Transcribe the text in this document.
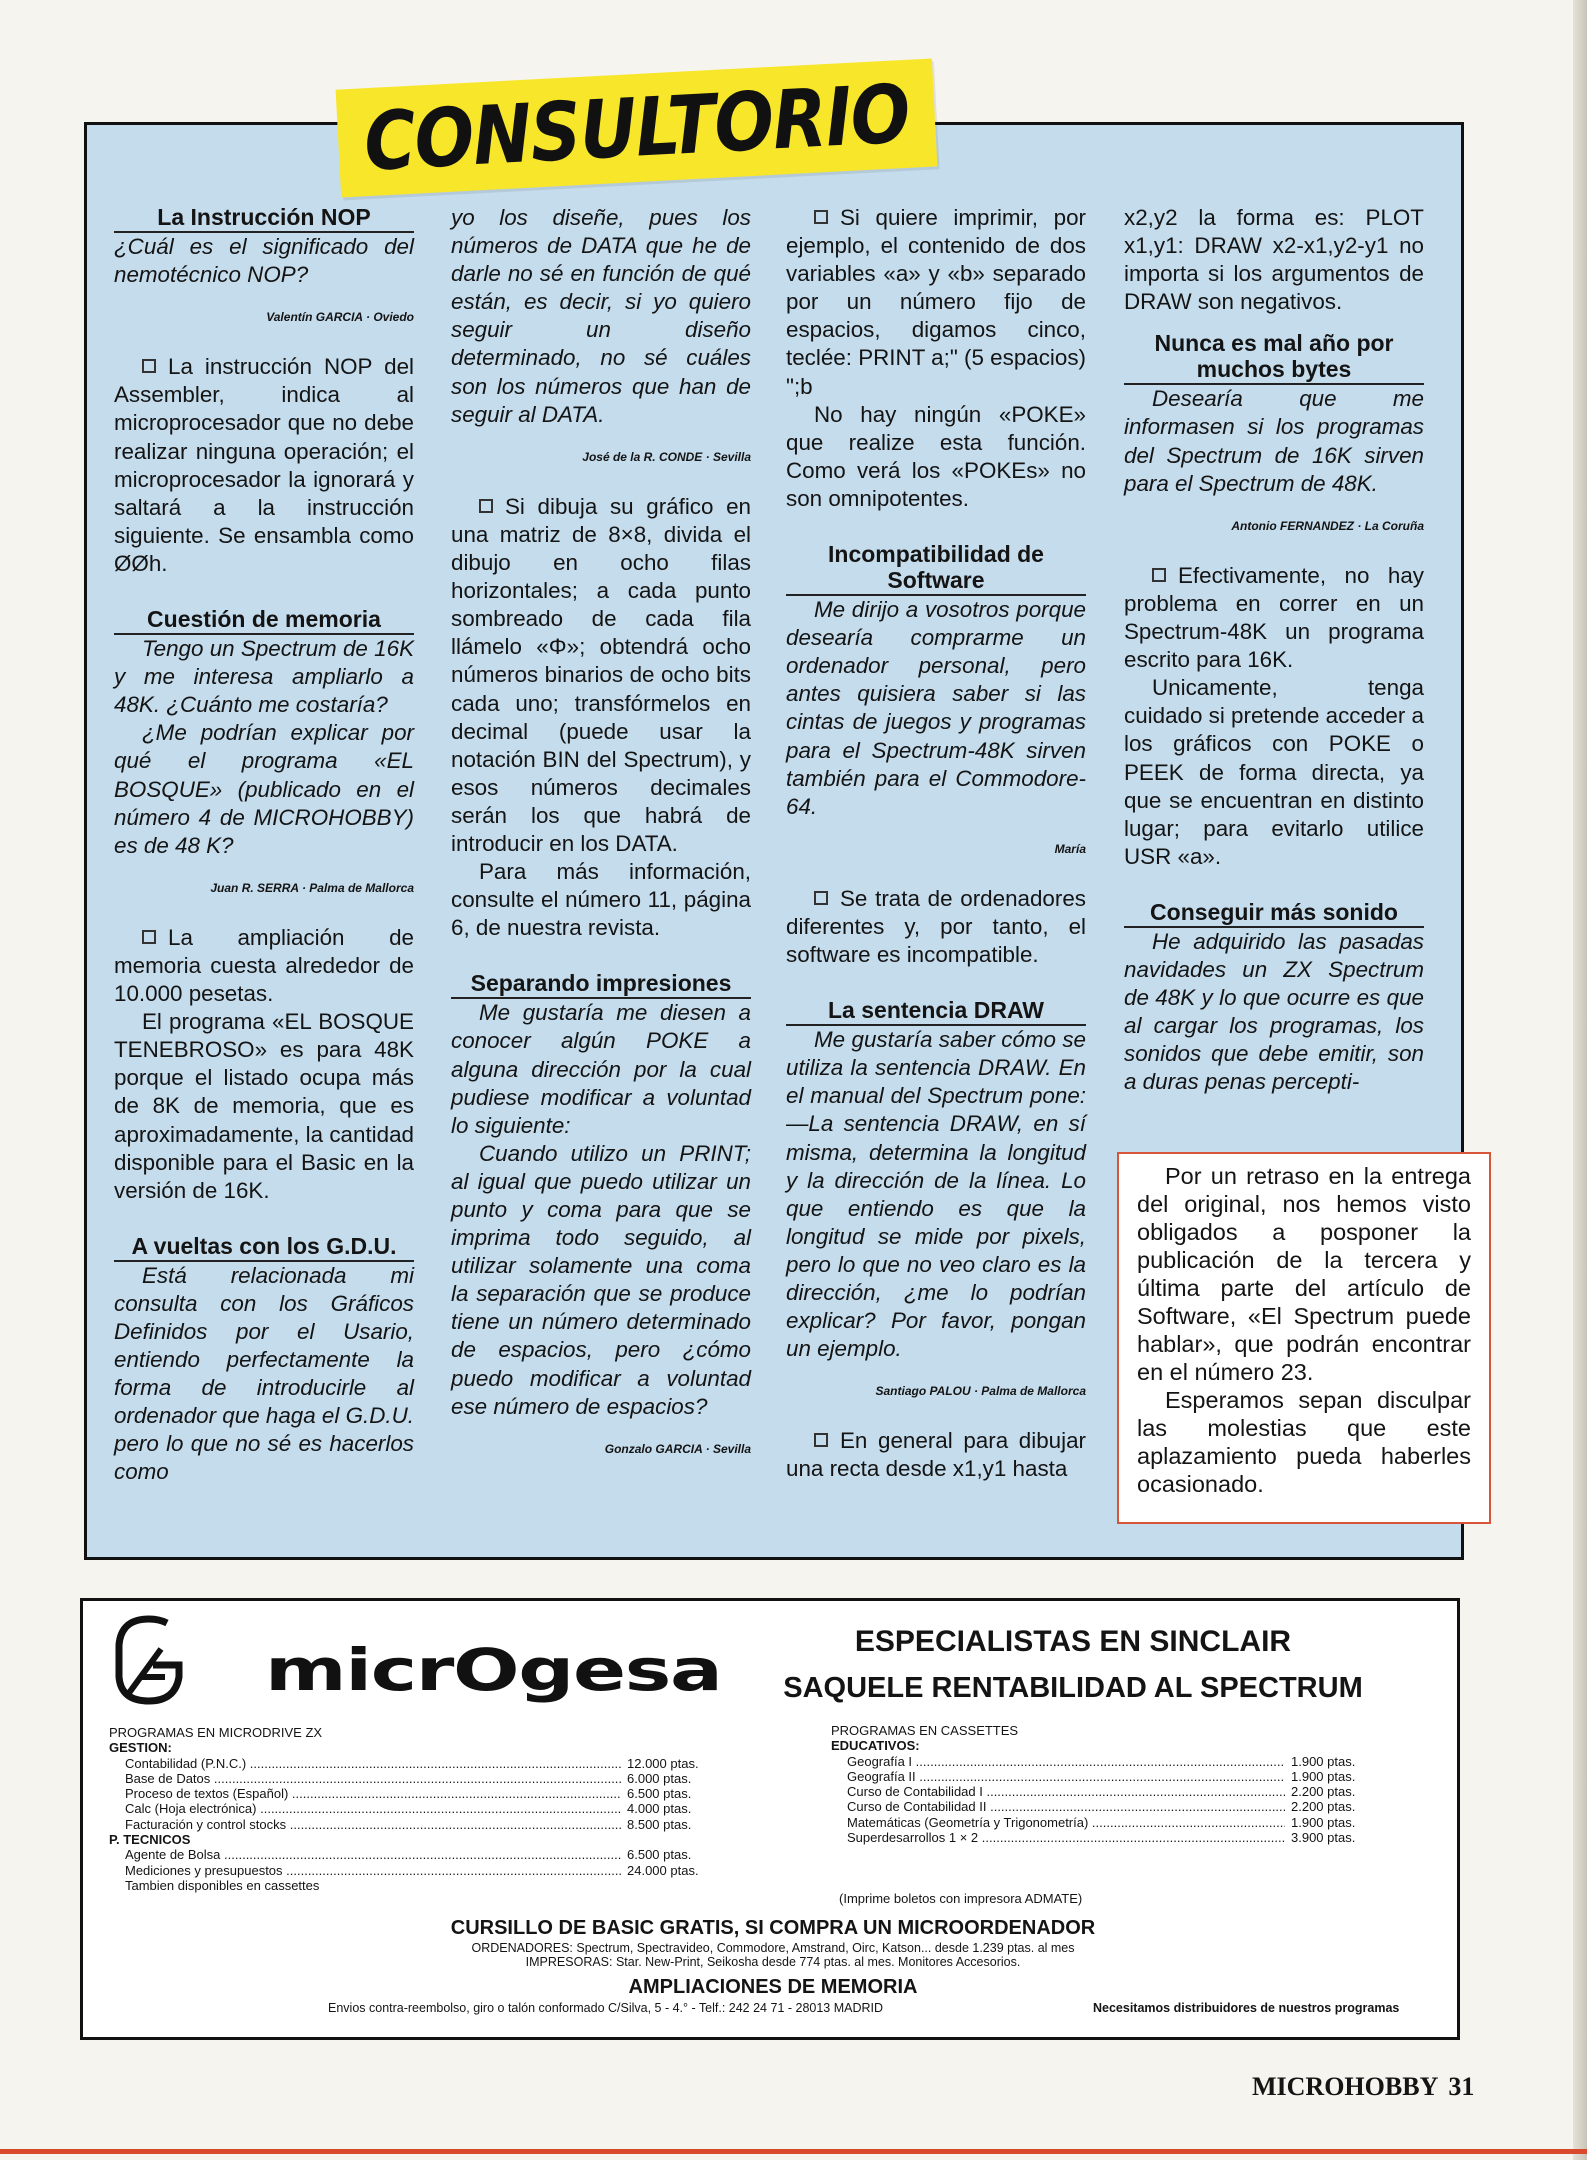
CONSULTORIO

La Instrucción NOP

¿Cuál es el significado del nemotécnico NOP?

Valentín GARCIA · Oviedo

La instrucción NOP del Assembler, indica al microprocesador que no debe realizar ninguna operación; el microprocesador la ignorará y saltará a la instrucción siguiente. Se ensambla como ØØh.

Cuestión de memoria

Tengo un Spectrum de 16K y me interesa ampliarlo a 48K. ¿Cuánto me costaría?

¿Me podrían explicar por qué el programa «EL BOSQUE» (publicado en el número 4 de MICROHOBBY) es de 48 K?

Juan R. SERRA · Palma de Mallorca

La ampliación de memoria cuesta alrededor de 10.000 pesetas.

El programa «EL BOSQUE TENEBROSO» es para 48K porque el listado ocupa más de 8K de memoria, que es aproximadamente, la cantidad disponible para el Basic en la versión de 16K.

A vueltas con los G.D.U.

Está relacionada mi consulta con los Gráficos Definidos por el Usario, entiendo perfectamente la forma de introducirle al ordenador que haga el G.D.U. pero lo que no sé es hacerlos como

yo los diseñe, pues los números de DATA que he de darle no sé en función de qué están, es decir, si yo quiero seguir un diseño determinado, no sé cuáles son los números que han de seguir al DATA.

José de la R. CONDE · Sevilla

Si dibuja su gráfico en una matriz de 8×8, divida el dibujo en ocho filas horizontales; a cada punto sombreado de cada fila llámelo «Φ»; obtendrá ocho números binarios de ocho bits cada uno; transfórmelos en decimal (puede usar la notación BIN del Spectrum), y esos números decimales serán los que habrá de introducir en los DATA.

Para más información, consulte el número 11, página 6, de nuestra revista.

Separando impresiones

Me gustaría me diesen a conocer algún POKE a alguna dirección por la cual pudiese modificar a voluntad lo siguiente:

Cuando utilizo un PRINT; al igual que puedo utilizar un punto y coma para que se imprima todo seguido, al utilizar solamente una coma la separación que se produce tiene un número determinado de espacios, pero ¿cómo puedo modificar a voluntad ese número de espacios?

Gonzalo GARCIA · Sevilla

Si quiere imprimir, por ejemplo, el contenido de dos variables «a» y «b» separado por un número fijo de espacios, digamos cinco, teclée: PRINT a;" (5 espacios) ";b

No hay ningún «POKE» que realize esta función. Como verá los «POKEs» no son omnipotentes.

Incompatibilidad de Software

Me dirijo a vosotros porque desearía comprarme un ordenador personal, pero antes quisiera saber si las cintas de juegos y programas para el Spectrum-48K sirven también para el Commodore-64.

María

Se trata de ordenadores diferentes y, por tanto, el software es incompatible.

La sentencia DRAW

Me gustaría saber cómo se utiliza la sentencia DRAW. En el manual del Spectrum pone: —La sentencia DRAW, en sí misma, determina la longitud y la dirección de la línea. Lo que entiendo es que la longitud se mide por pixels, pero lo que no veo claro es la dirección, ¿me lo podrían explicar? Por favor, pongan un ejemplo.

Santiago PALOU · Palma de Mallorca

En general para dibujar una recta desde x1,y1 hasta

x2,y2 la forma es: PLOT x1,y1: DRAW x2-x1,y2-y1 no importa si los argumentos de DRAW son negativos.

Nunca es mal año por muchos bytes

Desearía que me informasen si los programas del Spectrum de 16K sirven para el Spectrum de 48K.

Antonio FERNANDEZ · La Coruña

Efectivamente, no hay problema en correr en un Spectrum-48K un programa escrito para 16K.

Unicamente, tenga cuidado si pretende acceder a los gráficos con POKE o PEEK de forma directa, ya que se encuentran en distinto lugar; para evitarlo utilice USR «a».

Conseguir más sonido

He adquirido las pasadas navidades un ZX Spectrum de 48K y lo que ocurre es que al cargar los programas, los sonidos que debe emitir, son a duras penas percepti-

Por un retraso en la entrega del original, nos hemos visto obligados a posponer la publicación de la tercera y última parte del artículo de Software, «El Spectrum puede hablar», que podrán encontrar en el número 23.

Esperamos sepan disculpar las molestias que este aplazamiento pueda haberles ocasionado.

micrOgesa	ESPECIALISTAS EN SINCLAIR
SAQUELE RENTABILIDAD AL SPECTRUM
PROGRAMAS EN MICRODRIVE ZX
GESTION:
Contabilidad (P.N.C.) .....	12.000 ptas.
Base de Datos .....	6.000 ptas.
Proceso de textos (Español) .....	6.500 ptas.
Calc (Hoja electrónica) .....	4.000 ptas.
Facturación y control stocks .....	8.500 ptas.
P. TECNICOS
Agente de Bolsa .....	6.500 ptas.
Mediciones y presupuestos .....	24.000 ptas.
Tambien disponibles en cassettes
PROGRAMAS EN CASSETTES
EDUCATIVOS:
Geografía I .....	1.900 ptas.
Geografía II .....	1.900 ptas.
Curso de Contabilidad I .....	2.200 ptas.
Curso de Contabilidad II .....	2.200 ptas.
Matemáticas (Geometría y Trigonometría) .....	1.900 ptas.
Superdesarrollos 1 × 2 .....	3.900 ptas.
(Imprime boletos con impresora ADMATE)
CURSILLO DE BASIC GRATIS, SI COMPRA UN MICROORDENADOR
ORDENADORES: Spectrum, Spectravideo, Commodore, Amstrand, Oirc, Katson... desde 1.239 ptas. al mes
IMPRESORAS: Star. New-Print, Seikosha desde 774 ptas. al mes. Monitores Accesorios.
AMPLIACIONES DE MEMORIA
Envios contra-reembolso, giro o talón conformado C/Silva, 5 - 4.° - Telf.: 242 24 71 - 28013 MADRID	Necesitamos distribuidores de nuestros programas
MICROHOBBY 31
